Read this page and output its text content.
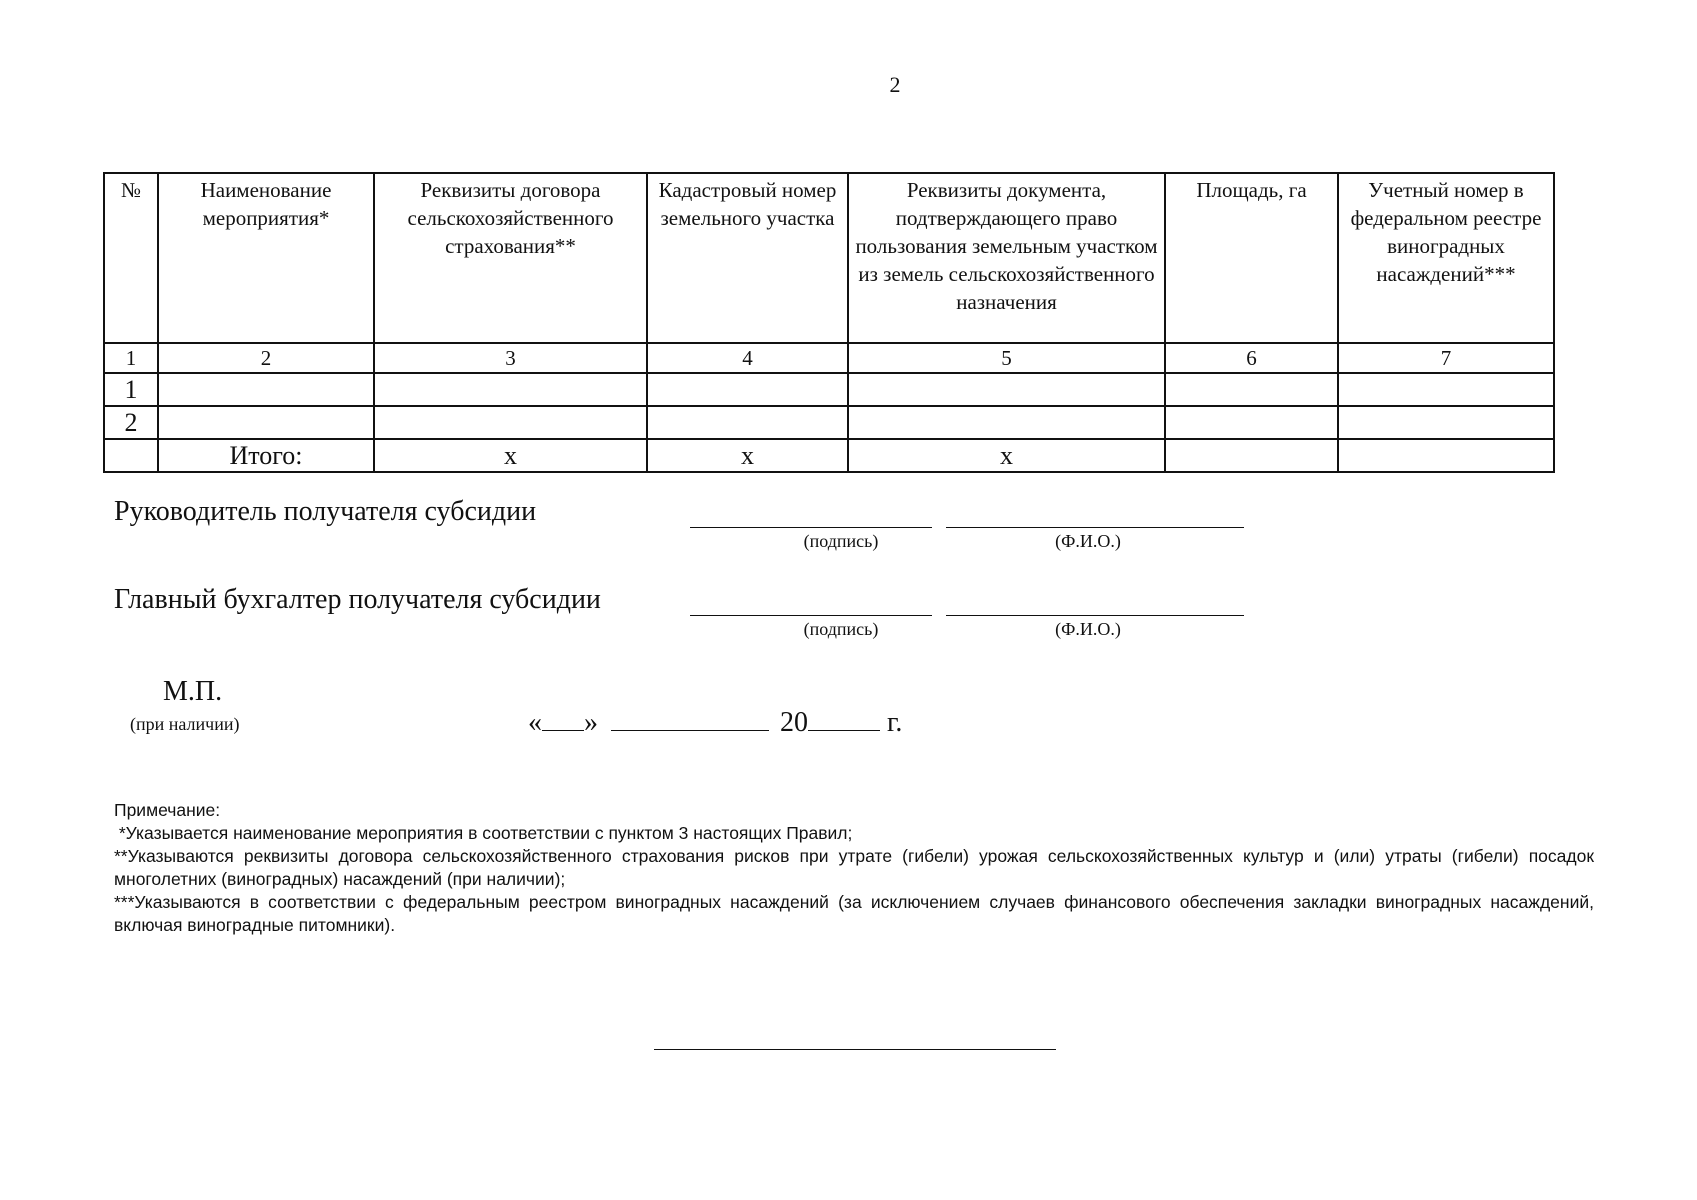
2
№	Наименование мероприятия*	Реквизиты договора сельскохозяйственного страхования**	Кадастровый номер земельного участка	Реквизиты документа, подтверждающего право пользования земельным участком из земель сельскохозяйственного назначения	Площадь, га	Учетный номер в федеральном реестре виноградных насаждений***

1	2	3	4	5	6	7
1						
2						
	Итого:	x	x	x		
Руководитель получателя субсидии
(подпись)	(Ф.И.О.)
Главный бухгалтер получателя субсидии
(подпись)	(Ф.И.О.)
М.П.
(при наличии)	« »	20	г.

Примечание:

*Указывается наименование мероприятия в соответствии с пунктом 3 настоящих Правил;

**Указываются реквизиты договора сельскохозяйственного страхования рисков при утрате (гибели) урожая сельскохозяйственных культур и (или) утраты (гибели) посадок многолетних (виноградных) насаждений (при наличии);

***Указываются в соответствии с федеральным реестром виноградных насаждений (за исключением случаев финансового обеспечения закладки виноградных насаждений, включая виноградные питомники).
